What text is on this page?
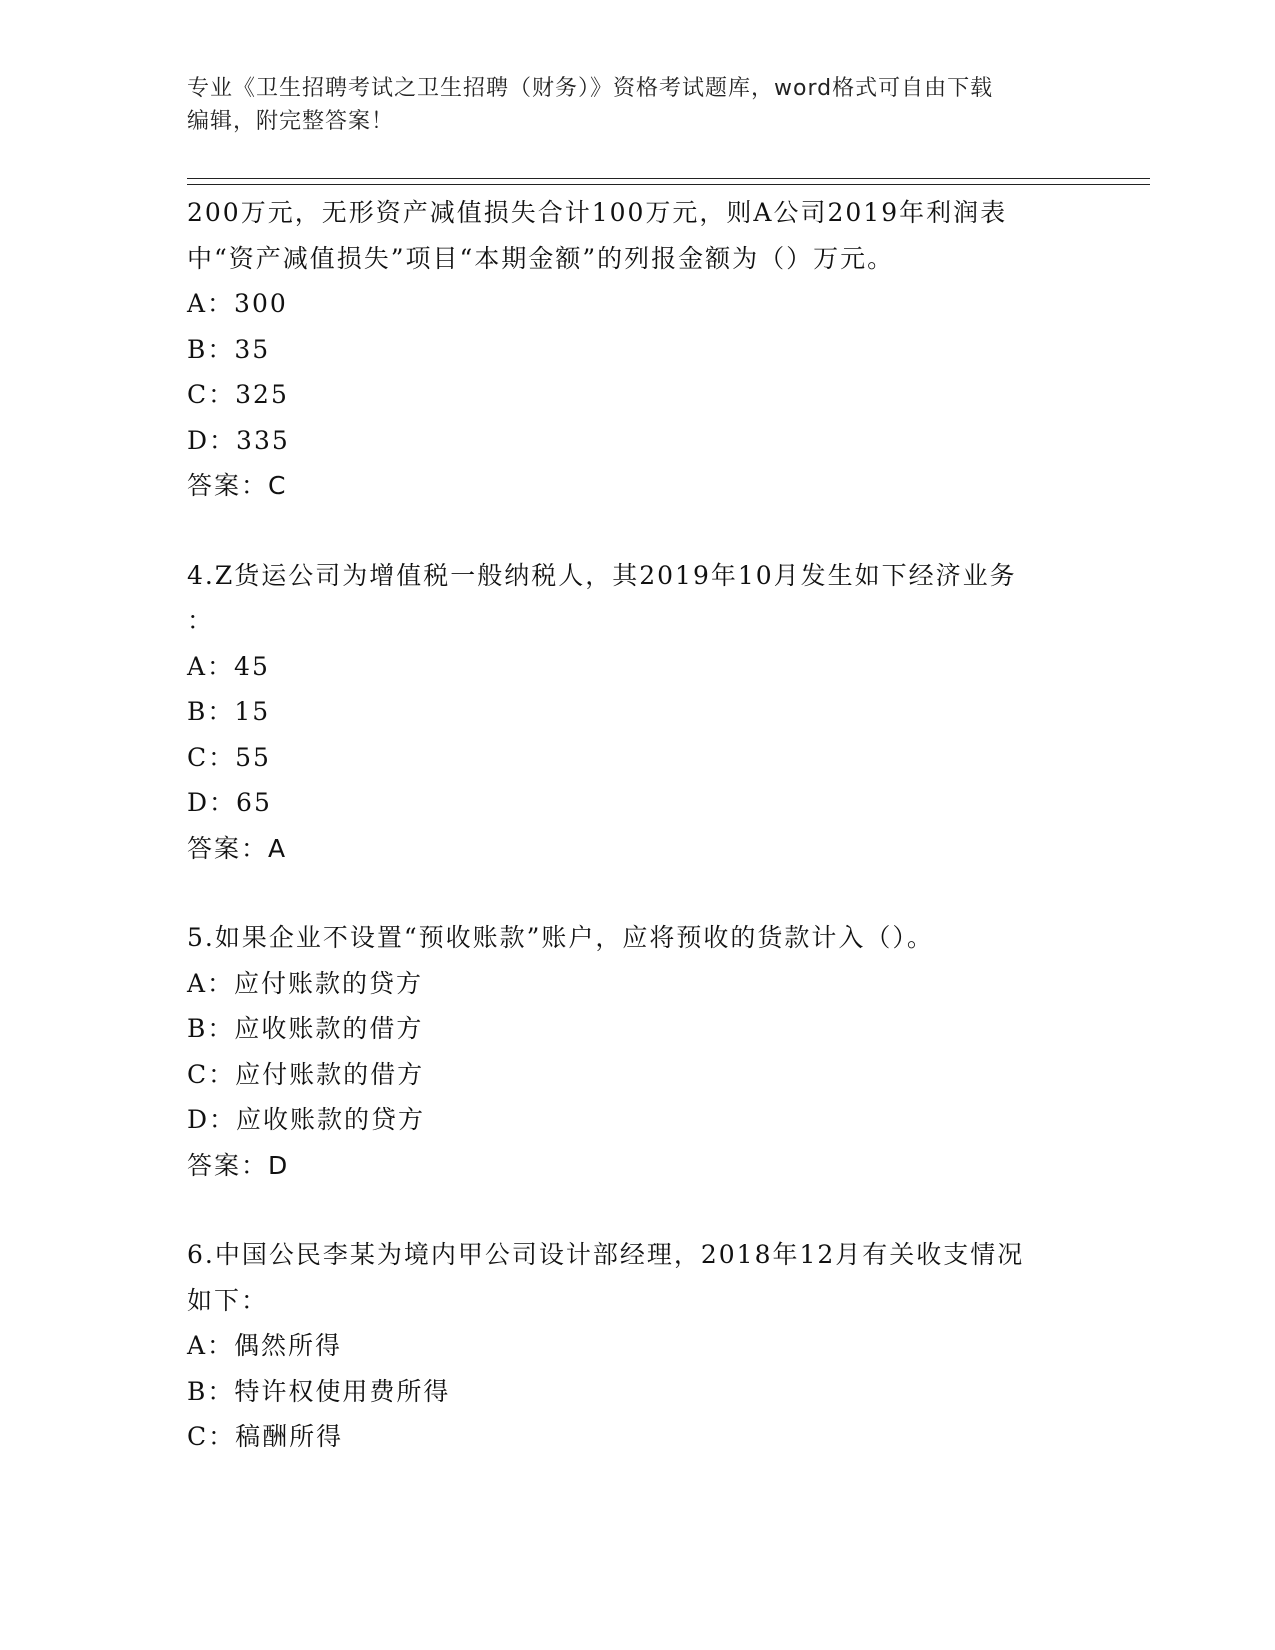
专业《卫生招聘考试之卫生招聘（财务）》资格考试题库，word格式可自由下载
编辑，附完整答案！
200万元，无形资产减值损失合计100万元，则A公司2019年利润表
中“资产减值损失”项目“本期金额”的列报金额为（）万元。
A：300
B：35
C：325
D：335
答案：C
4.Z货运公司为增值税一般纳税人，其2019年10月发生如下经济业务
：
A：45
B：15
C：55
D：65
答案：A
5.如果企业不设置“预收账款”账户，应将预收的货款计入（）。
A：应付账款的贷方
B：应收账款的借方
C：应付账款的借方
D：应收账款的贷方
答案：D
6.中国公民李某为境内甲公司设计部经理，2018年12月有关收支情况
如下：
A：偶然所得
B：特许权使用费所得
C：稿酬所得
